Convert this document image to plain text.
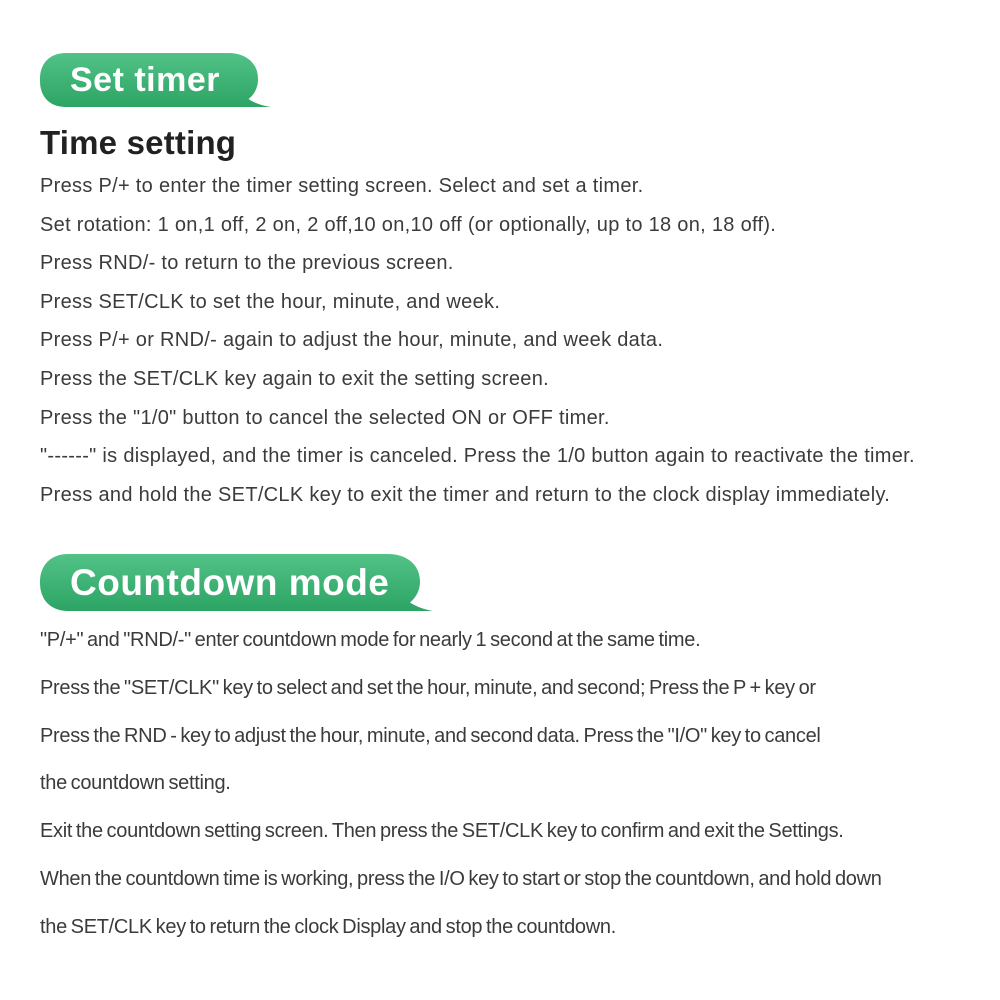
Set timer
Time setting

Press P/+ to enter the timer setting screen. Select and set a timer.

Set rotation: 1 on,1 off, 2 on, 2 off,10 on,10 off (or optionally, up to 18 on, 18 off).

Press RND/- to return to the previous screen.

Press SET/CLK to set the hour, minute, and week.

Press P/+ or RND/- again to adjust the hour, minute, and week data.

Press the SET/CLK key again to exit the setting screen.

Press the "1/0" button to cancel the selected ON or OFF timer.

"------" is displayed, and the timer is canceled. Press the 1/0 button again to reactivate the timer.

Press and hold the SET/CLK key to exit the timer and return to the clock display immediately.

Countdown mode

"P/+" and "RND/-" enter countdown mode for nearly 1 second at the same time.

Press the "SET/CLK" key to select and set the hour, minute, and second; Press the P + key or

Press the RND - key to adjust the hour, minute, and second data. Press the "I/O" key to cancel

the countdown setting.

Exit the countdown setting screen. Then press the SET/CLK key to confirm and exit the Settings.

When the countdown time is working, press the I/O key to start or stop the countdown, and hold down

the SET/CLK key to return the clock Display and stop the countdown.
